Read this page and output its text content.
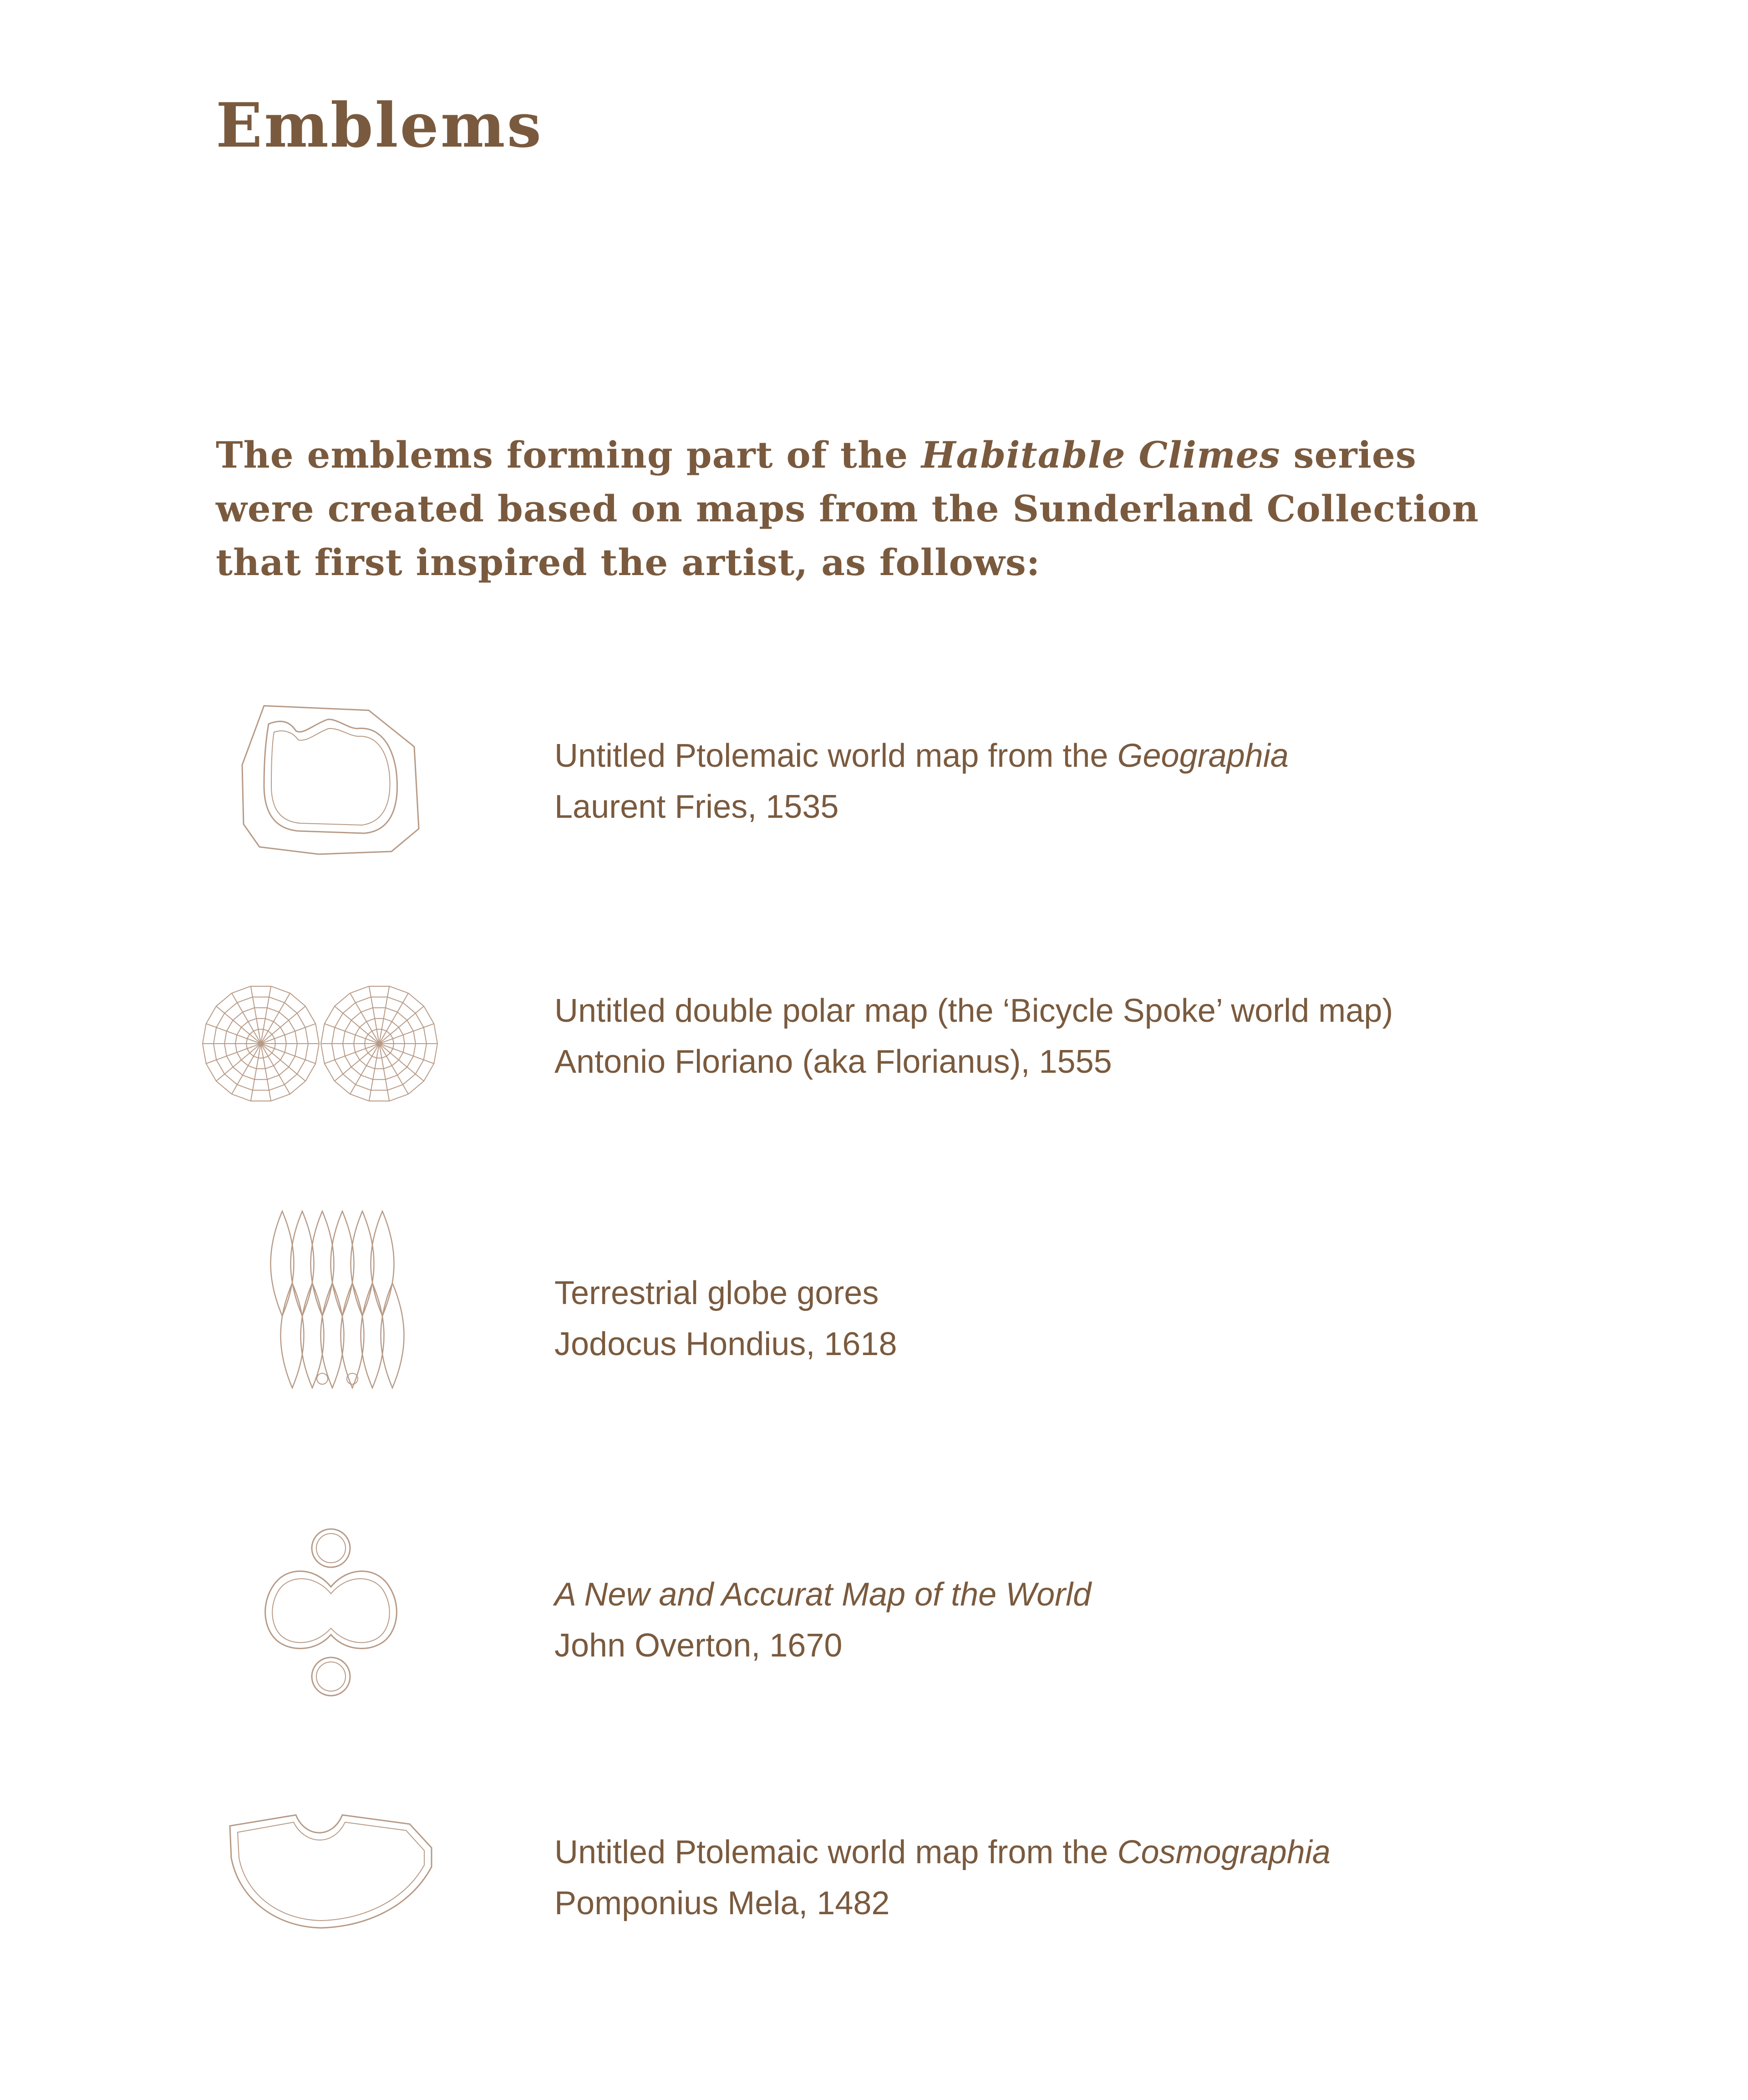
Emblems

The emblems forming part of the Habitable Climes series were created based on maps from the Sunderland Collection that first inspired the artist, as follows:

Untitled Ptolemaic world map from the Geographia
Laurent Fries, 1535
Untitled double polar map (the ‘Bicycle Spoke’ world map)
Antonio Floriano (aka Florianus), 1555
Terrestrial globe gores
Jodocus Hondius, 1618
A New and Accurat Map of the World
John Overton, 1670
Untitled Ptolemaic world map from the Cosmographia
Pomponius Mela, 1482
